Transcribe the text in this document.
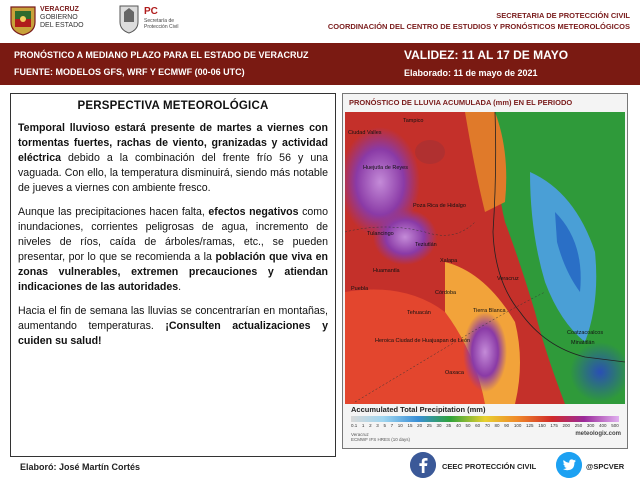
VERACRUZ
GOBIERNO
DEL ESTADO
PC
Secretaría de
Protección Civil
SECRETARIA DE PROTECCIÓN CIVIL
COORDINACIÓN DEL CENTRO DE ESTUDIOS Y PRONÓSTICOS METEOROLÓGICOS
PRONÓSTICO A MEDIANO PLAZO PARA EL ESTADO DE VERACRUZ
FUENTE: MODELOS GFS, WRF Y ECMWF (00-06 UTC)
VALIDEZ: 11 AL 17 DE MAYO
Elaborado: 11 de mayo de 2021
PERSPECTIVA METEOROLÓGICA

Temporal lluvioso estará presente de martes a viernes con tormentas fuertes, rachas de viento, granizadas y actividad eléctrica debido a la combinación del frente frío 56 y una vaguada. Con ello, la temperatura disminuirá, siendo más notable de jueves a viernes con ambiente fresco.

Aunque las precipitaciones hacen falta, efectos negativos como inundaciones, corrientes peligrosas de agua, incremento de niveles de ríos, caída de árboles/ramas, etc., se pueden presentar, por lo que se recomienda a la población que viva en zonas vulnerables, extremen precauciones y atiendan indicaciones de las autoridades.

Hacia el fin de semana las lluvias se concentrarían en montañas, aumentando temperaturas. ¡Consulten actualizaciones y cuiden su salud!

PRONÓSTICO DE LLUVIA ACUMULADA (mm) EN EL PERIODO
Ciudad Valles
Tampico
Huejutla de Reyes
Poza Rica de Hidalgo
Tulancingo
Teziutlán
Xalapa
Huamantla
Puebla
Veracruz
Córdoba
Tehuacán	Tierra Blanca
Heroica Ciudad de Huajuapan de León
Coatzacoalcos
Oaxaca
Minatitlán
Accumulated Total Precipitation (mm)
0.1 1 2 3 5 7 10 15 20 25 30 35 40 50 60 70 80 90 100 125 150 175 200 250 300 400 500
Veracruz
ECMWF IFS HRES (10 days)
meteologix.com
Elaboró: José Martín Cortés	CEEC PROTECCIÓN CIVIL	@SPCVER
